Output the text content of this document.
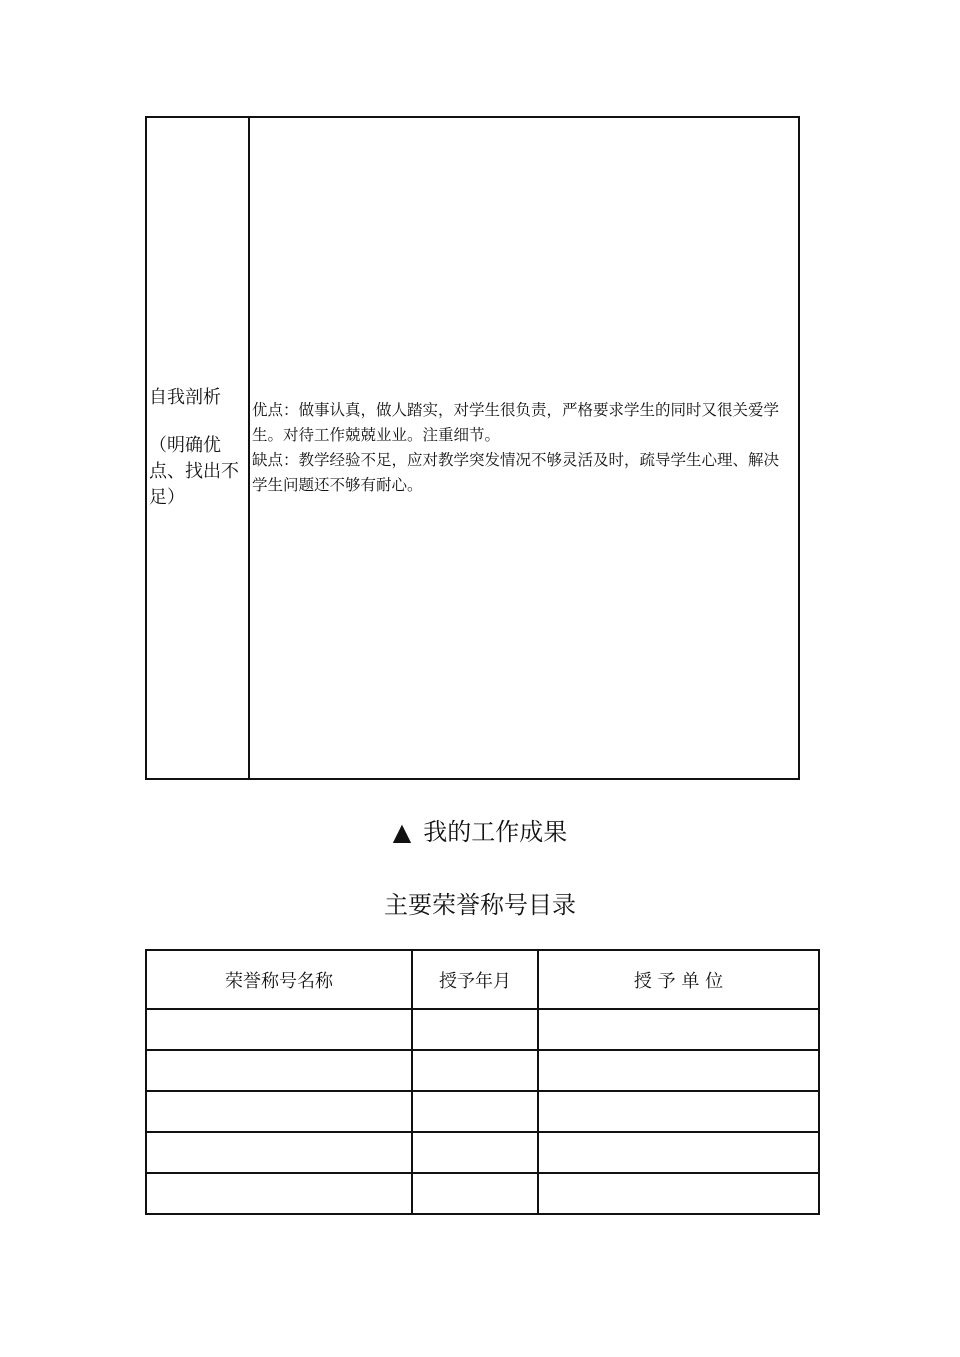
自我剖析
（明确优点、找出不足）

优点：做事认真，做人踏实，对学生很负责，严格要求学生的同时又很关爱学生。对待工作兢兢业业。注重细节。

缺点：教学经验不足，应对教学突发情况不够灵活及时，疏导学生心理、解决学生问题还不够有耐心。

▲ 我的工作成果
主要荣誉称号目录
荣誉称号名称	授予年月	授 予 单 位
